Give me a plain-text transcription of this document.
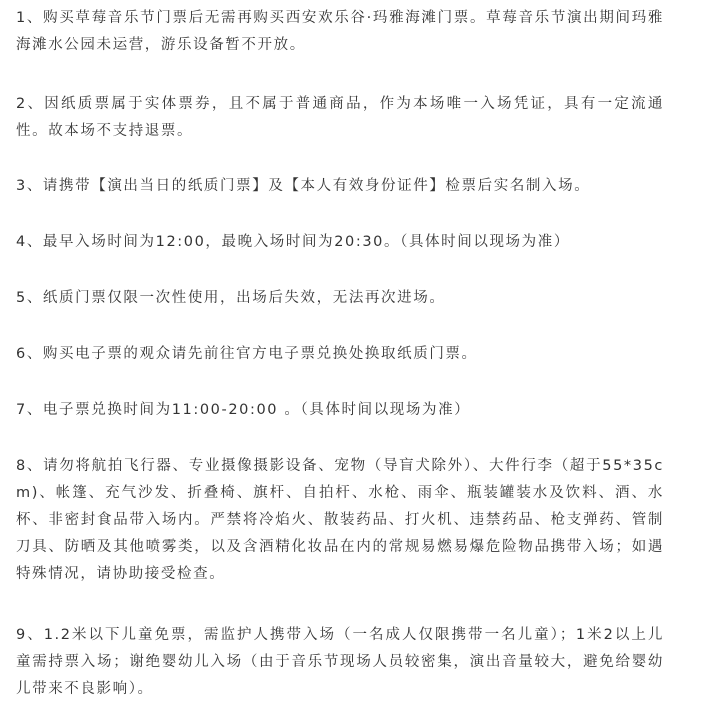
1、购买草莓音乐节门票后无需再购买西安欢乐谷·玛雅海滩门票。草莓音乐节演出期间玛雅海滩水公园未运营，游乐设备暂不开放。

2、因纸质票属于实体票券，且不属于普通商品，作为本场唯一入场凭证，具有一定流通性。故本场不支持退票。

3、请携带【演出当日的纸质门票】及【本人有效身份证件】检票后实名制入场。

4、最早入场时间为12:00，最晚入场时间为20:30。（具体时间以现场为准）

5、纸质门票仅限一次性使用，出场后失效，无法再次进场。

6、购买电子票的观众请先前往官方电子票兑换处换取纸质门票。

7、电子票兑换时间为11:00-20:00 。（具体时间以现场为准）

8、请勿将航拍飞行器、专业摄像摄影设备、宠物（导盲犬除外）、大件行李（超于55*35cm)、帐篷、充气沙发、折叠椅、旗杆、自拍杆、水枪、雨伞、瓶装罐装水及饮料、酒、水杯、非密封食品带入场内。严禁将冷焰火、散装药品、打火机、违禁药品、枪支弹药、管制刀具、防晒及其他喷雾类，以及含酒精化妆品在内的常规易燃易爆危险物品携带入场；如遇特殊情况，请协助接受检查。

9、1.2米以下儿童免票，需监护人携带入场（一名成人仅限携带一名儿童）；1米2以上儿童需持票入场；谢绝婴幼儿入场（由于音乐节现场人员较密集，演出音量较大，避免给婴幼儿带来不良影响）。
